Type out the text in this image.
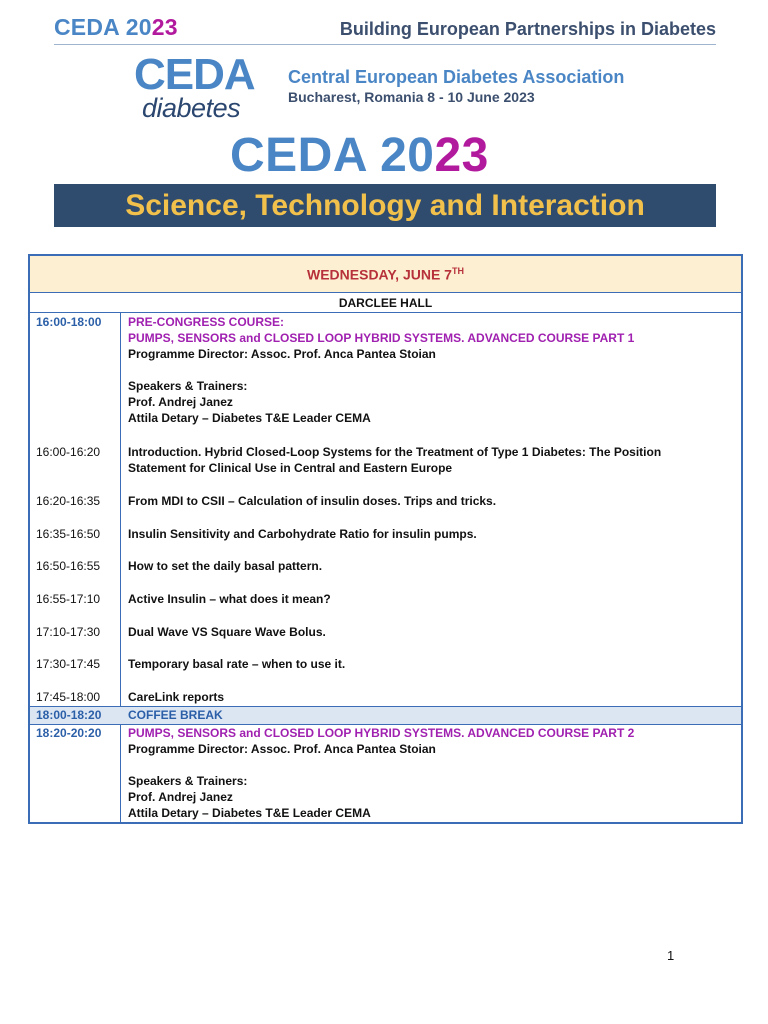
CEDA 2023	Building European Partnerships in Diabetes
CEDA
diabetes
Central European Diabetes Association
Bucharest, Romania 8 - 10 June 2023
CEDA 2023
Science, Technology and Interaction
WEDNESDAY, JUNE 7TH
DARCLEE HALL
16:00-18:00 PRE-CONGRESS COURSE:
PUMPS, SENSORS and CLOSED LOOP HYBRID SYSTEMS. ADVANCED COURSE PART 1
Programme Director: Assoc. Prof. Anca Pantea Stoian
Speakers & Trainers:
Prof. Andrej Janez
Attila Detary – Diabetes T&E Leader CEMA
16:00-16:20 Introduction. Hybrid Closed-Loop Systems for the Treatment of Type 1 Diabetes: The Position
Statement for Clinical Use in Central and Eastern Europe
16:20-16:35 From MDI to CSII – Calculation of insulin doses. Trips and tricks.
16:35-16:50 Insulin Sensitivity and Carbohydrate Ratio for insulin pumps.
16:50-16:55 How to set the daily basal pattern.
16:55-17:10 Active Insulin – what does it mean?
17:10-17:30 Dual Wave VS Square Wave Bolus.
17:30-17:45 Temporary basal rate – when to use it.
17:45-18:00 CareLink reports
18:00-18:20 COFFEE BREAK
18:20-20:20 PUMPS, SENSORS and CLOSED LOOP HYBRID SYSTEMS. ADVANCED COURSE PART 2
Programme Director: Assoc. Prof. Anca Pantea Stoian
Speakers & Trainers:
Prof. Andrej Janez
Attila Detary – Diabetes T&E Leader CEMA
1
